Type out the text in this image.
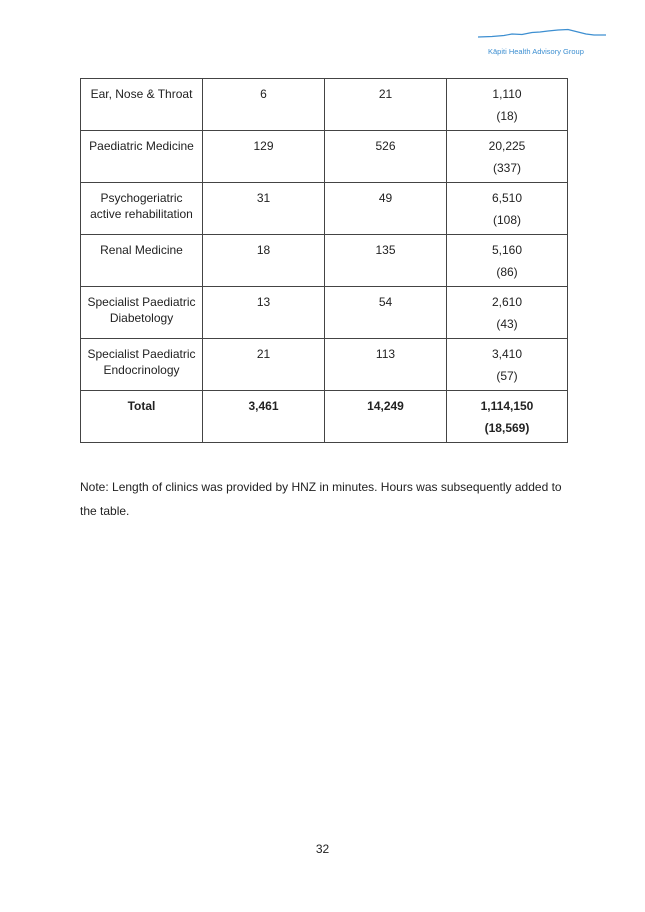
Kāpiti Health Advisory Group
Ear, Nose & Throat	6	21	1,110
(18)

Paediatric Medicine	129	526	20,225
(337)

Psychogeriatric active rehabilitation	31	49	6,510
(108)

Renal Medicine	18	135	5,160
(86)

Specialist Paediatric Diabetology	13	54	2,610
(43)

Specialist Paediatric Endocrinology	21	113	3,410
(57)

Total	3,461	14,249	1,114,150
(18,569)

Note: Length of clinics was provided by HNZ in minutes. Hours was subsequently added to the table.

32
